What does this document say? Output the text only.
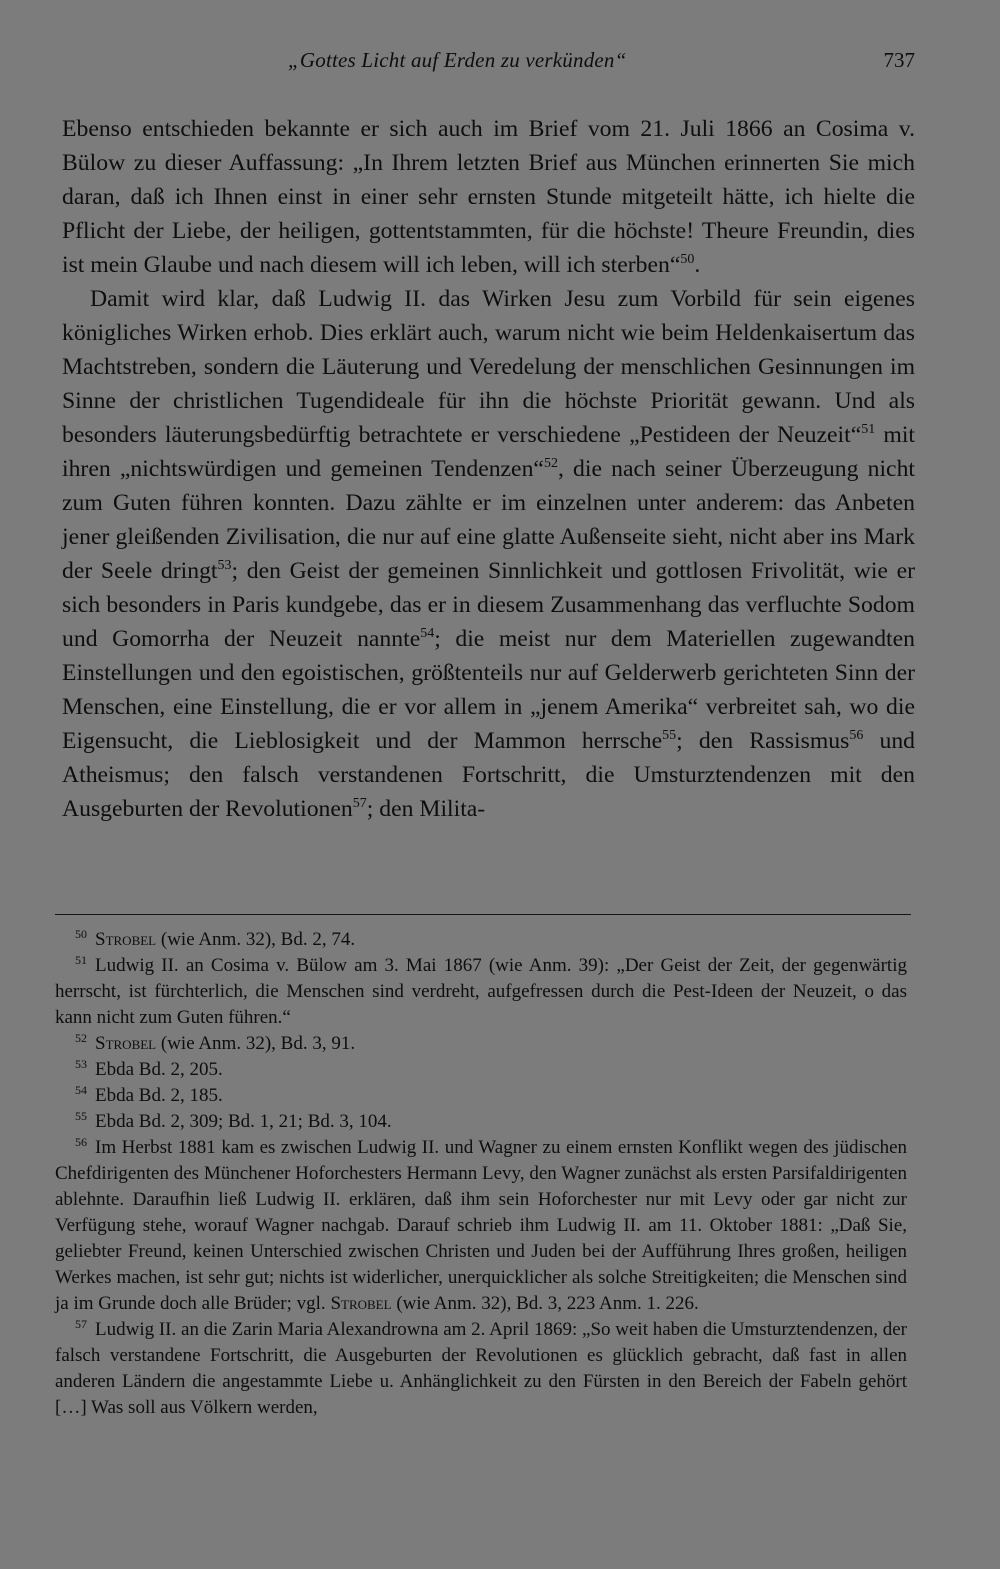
„Gottes Licht auf Erden zu verkünden“	737

Ebenso entschieden bekannte er sich auch im Brief vom 21. Juli 1866 an Cosima v. Bülow zu dieser Auffassung: „In Ihrem letzten Brief aus München erinnerten Sie mich daran, daß ich Ihnen einst in einer sehr ernsten Stunde mitgeteilt hätte, ich hielte die Pflicht der Liebe, der heiligen, gottentstammten, für die höchste! Theure Freundin, dies ist mein Glaube und nach diesem will ich leben, will ich sterben“$^{50}$.

Damit wird klar, daß Ludwig II. das Wirken Jesu zum Vorbild für sein eigenes königliches Wirken erhob. Dies erklärt auch, warum nicht wie beim Heldenkaisertum das Machtstreben, sondern die Läuterung und Veredelung der menschlichen Gesinnungen im Sinne der christlichen Tugendideale für ihn die höchste Priorität gewann. Und als besonders läuterungsbedürftig betrachtete er verschiedene „Pestideen der Neuzeit“$^{51}$ mit ihren „nichtswürdigen und gemeinen Tendenzen“$^{52}$, die nach seiner Überzeugung nicht zum Guten führen konnten. Dazu zählte er im einzelnen unter anderem: das Anbeten jener gleißenden Zivilisation, die nur auf eine glatte Außenseite sieht, nicht aber ins Mark der Seele dringt$^{53}$; den Geist der gemeinen Sinnlichkeit und gottlosen Frivolität, wie er sich besonders in Paris kundgebe, das er in diesem Zusammenhang das verfluchte Sodom und Gomorrha der Neuzeit nannte$^{54}$; die meist nur dem Materiellen zugewandten Einstellungen und den egoistischen, größtenteils nur auf Gelderwerb gerichteten Sinn der Menschen, eine Einstellung, die er vor allem in „jenem Amerika“ verbreitet sah, wo die Eigensucht, die Lieblosigkeit und der Mammon herrsche$^{55}$; den Rassismus$^{56}$ und Atheismus; den falsch verstandenen Fortschritt, die Umsturztendenzen mit den Ausgeburten der Revolutionen$^{57}$; den Milita-

$^{50}$ Strobel (wie Anm. 32), Bd. 2, 74.

$^{51}$ Ludwig II. an Cosima v. Bülow am 3. Mai 1867 (wie Anm. 39): „Der Geist der Zeit, der gegenwärtig herrscht, ist fürchterlich, die Menschen sind verdreht, aufgefressen durch die Pest-Ideen der Neuzeit, o das kann nicht zum Guten führen.“

$^{52}$ Strobel (wie Anm. 32), Bd. 3, 91.

$^{53}$ Ebda Bd. 2, 205.

$^{54}$ Ebda Bd. 2, 185.

$^{55}$ Ebda Bd. 2, 309; Bd. 1, 21; Bd. 3, 104.

$^{56}$ Im Herbst 1881 kam es zwischen Ludwig II. und Wagner zu einem ernsten Konflikt wegen des jüdischen Chefdirigenten des Münchener Hoforchesters Hermann Levy, den Wagner zunächst als ersten Parsifaldirigenten ablehnte. Daraufhin ließ Ludwig II. erklären, daß ihm sein Hoforchester nur mit Levy oder gar nicht zur Verfügung stehe, worauf Wagner nachgab. Darauf schrieb ihm Ludwig II. am 11. Oktober 1881: „Daß Sie, geliebter Freund, keinen Unterschied zwischen Christen und Juden bei der Aufführung Ihres großen, heiligen Werkes machen, ist sehr gut; nichts ist widerlicher, unerquicklicher als solche Streitigkeiten; die Menschen sind ja im Grunde doch alle Brüder; vgl. Strobel (wie Anm. 32), Bd. 3, 223 Anm. 1. 226.

$^{57}$ Ludwig II. an die Zarin Maria Alexandrowna am 2. April 1869: „So weit haben die Umsturztendenzen, der falsch verstandene Fortschritt, die Ausgeburten der Revolutionen es glücklich gebracht, daß fast in allen anderen Ländern die angestammte Liebe u. Anhänglichkeit zu den Fürsten in den Bereich der Fabeln gehört […] Was soll aus Völkern werden,
